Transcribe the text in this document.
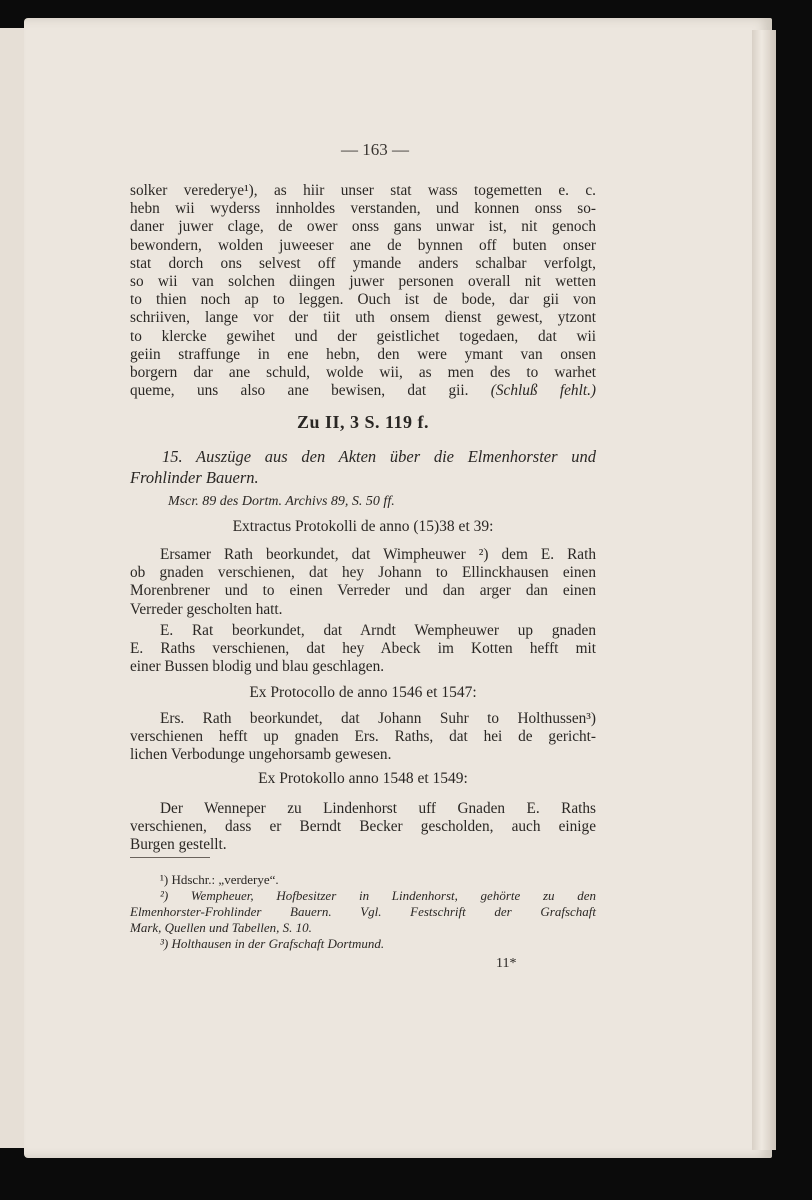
— 163 —
solker verederye¹), as hiir unser stat wass togemetten e. c.
hebn wii wyderss innholdes verstanden, und konnen onss so-
daner juwer clage, de ower onss gans unwar ist, nit genoch
bewondern, wolden juweeser ane de bynnen off buten onser
stat dorch ons selvest off ymande anders schalbar verfolgt,
so wii van solchen diingen juwer personen overall nit wetten
to thien noch ap to leggen. Ouch ist de bode, dar gii von
schriiven, lange vor der tiit uth onsem dienst gewest, ytzont
to klercke gewihet und der geistlichet togedaen, dat wii
geiin straffunge in ene hebn, den were ymant van onsen
borgern dar ane schuld, wolde wii, as men des to warhet
queme, uns also ane bewisen, dat gii. (Schluß fehlt.)
Zu II, 3 S. 119 f.
15. Auszüge aus den Akten über die Elmenhorster und
Frohlinder Bauern.
Mscr. 89 des Dortm. Archivs 89, S. 50 ff.
Extractus Protokolli de anno (15)38 et 39:
Ersamer Rath beorkundet, dat Wimpheuwer ²) dem E. Rath
ob gnaden verschienen, dat hey Johann to Ellinckhausen einen
Morenbrener und to einen Verreder und dan arger dan einen
Verreder gescholten hatt.
E. Rat beorkundet, dat Arndt Wempheuwer up gnaden
E. Raths verschienen, dat hey Abeck im Kotten hefft mit
einer Bussen blodig und blau geschlagen.
Ex Protocollo de anno 1546 et 1547:
Ers. Rath beorkundet, dat Johann Suhr to Holthussen³)
verschienen hefft up gnaden Ers. Raths, dat hei de gericht-
lichen Verbodunge ungehorsamb gewesen.
Ex Protokollo anno 1548 et 1549:
Der Wenneper zu Lindenhorst uff Gnaden E. Raths
verschienen, dass er Berndt Becker gescholden, auch einige
Burgen gestellt.
¹) Hdschr.: „verderye“.
²) Wempheuer, Hofbesitzer in Lindenhorst, gehörte zu den
Elmenhorster-Frohlinder Bauern. Vgl. Festschrift der Grafschaft
Mark, Quellen und Tabellen, S. 10.
³) Holthausen in der Grafschaft Dortmund.
11*
